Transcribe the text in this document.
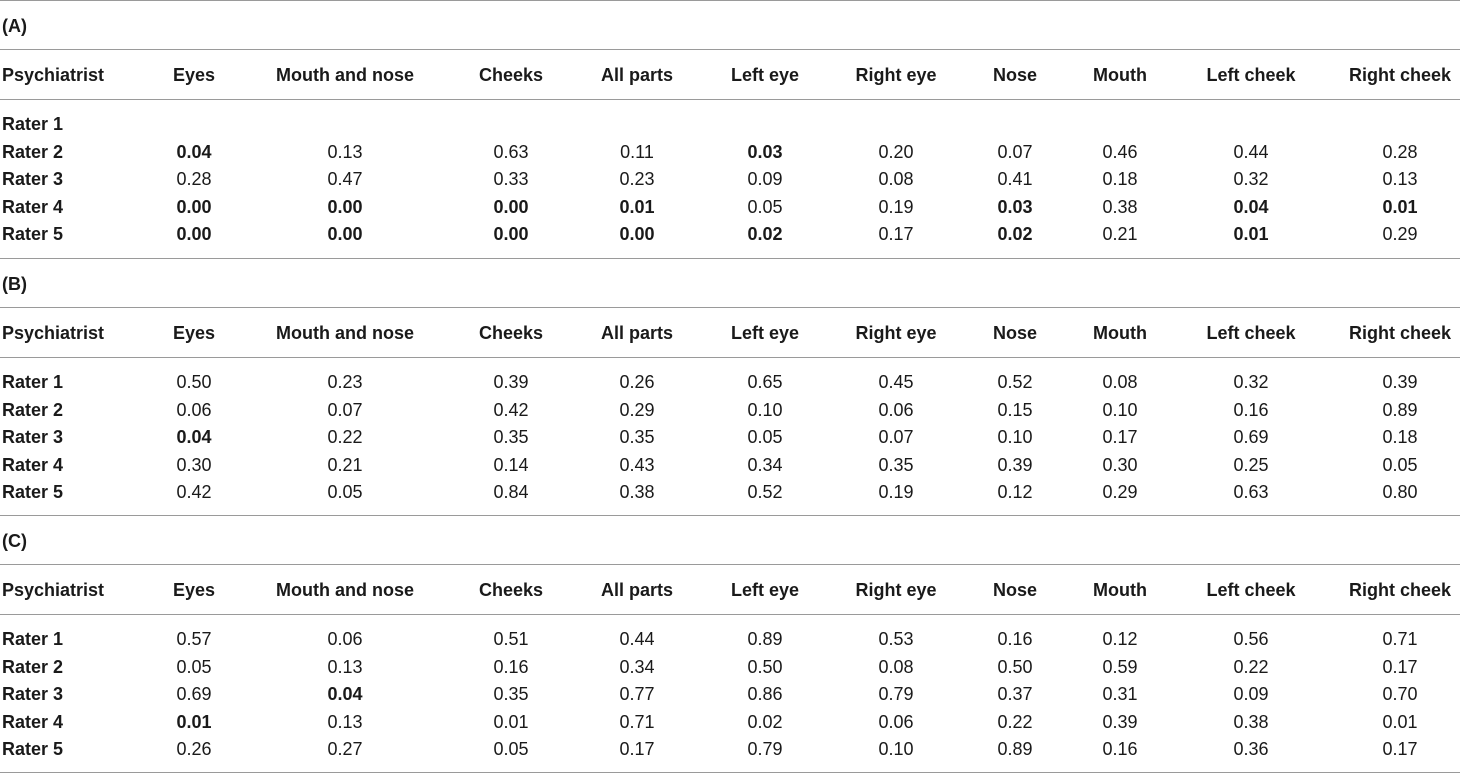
(A)
Psychiatrist	Eyes	Mouth and nose	Cheeks	All parts	Left eye	Right eye	Nose	Mouth	Left cheek	Right cheek
Rater 1
Rater 2	0.04	0.13	0.63	0.11	0.03	0.20	0.07	0.46	0.44	0.28
Rater 3	0.28	0.47	0.33	0.23	0.09	0.08	0.41	0.18	0.32	0.13
Rater 4	0.00	0.00	0.00	0.01	0.05	0.19	0.03	0.38	0.04	0.01
Rater 5	0.00	0.00	0.00	0.00	0.02	0.17	0.02	0.21	0.01	0.29
(B)
Psychiatrist	Eyes	Mouth and nose	Cheeks	All parts	Left eye	Right eye	Nose	Mouth	Left cheek	Right cheek
Rater 1	0.50	0.23	0.39	0.26	0.65	0.45	0.52	0.08	0.32	0.39
Rater 2	0.06	0.07	0.42	0.29	0.10	0.06	0.15	0.10	0.16	0.89
Rater 3	0.04	0.22	0.35	0.35	0.05	0.07	0.10	0.17	0.69	0.18
Rater 4	0.30	0.21	0.14	0.43	0.34	0.35	0.39	0.30	0.25	0.05
Rater 5	0.42	0.05	0.84	0.38	0.52	0.19	0.12	0.29	0.63	0.80
(C)
Psychiatrist	Eyes	Mouth and nose	Cheeks	All parts	Left eye	Right eye	Nose	Mouth	Left cheek	Right cheek
Rater 1	0.57	0.06	0.51	0.44	0.89	0.53	0.16	0.12	0.56	0.71
Rater 2	0.05	0.13	0.16	0.34	0.50	0.08	0.50	0.59	0.22	0.17
Rater 3	0.69	0.04	0.35	0.77	0.86	0.79	0.37	0.31	0.09	0.70
Rater 4	0.01	0.13	0.01	0.71	0.02	0.06	0.22	0.39	0.38	0.01
Rater 5	0.26	0.27	0.05	0.17	0.79	0.10	0.89	0.16	0.36	0.17
